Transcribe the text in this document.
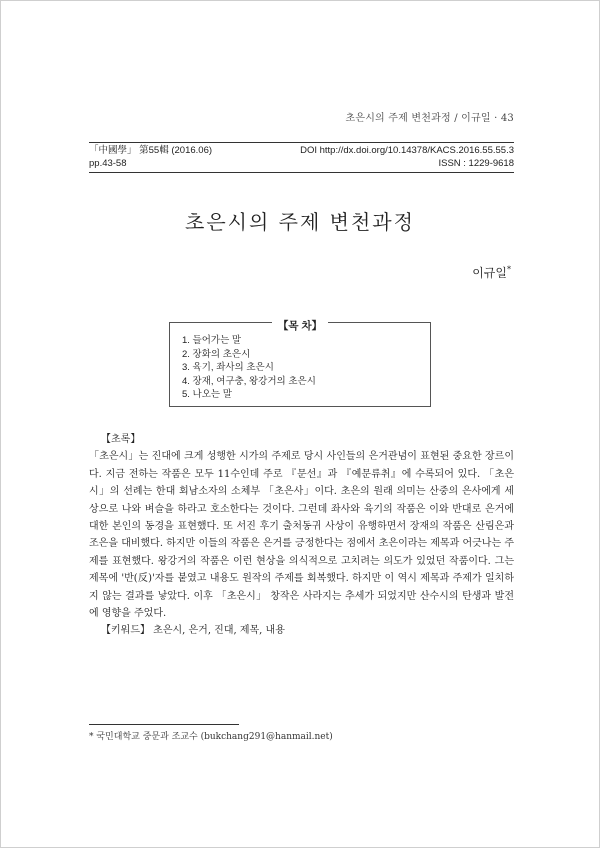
초은시의 주제 변천과정 / 이규일 · 43
「中國學」 第55輯 (2016.06)	DOI http://dx.doi.org/10.14378/KACS.2016.55.55.3
pp.43-58	ISSN : 1229-9618
초은시의 주제 변천과정
이규일*
【목 차】
1. 들어가는 말
2. 장화의 초은시
3. 육기, 좌사의 초은시
4. 장재, 여구충, 왕강거의 초은시
5. 나오는 말

【초록】

「초은시」는 진대에 크게 성행한 시가의 주제로 당시 사인들의 은거관념이 표현된 중요한 장르이다. 지금 전하는 작품은 모두 11수인데 주로 『문선』과 『예문류취』에 수록되어 있다. 「초은시」의 선례는 한대 회남소자의 소체부 「초은사」이다. 초은의 원래 의미는 산중의 은사에게 세상으로 나와 벼슬을 하라고 호소한다는 것이다. 그런데 좌사와 육기의 작품은 이와 반대로 은거에 대한 본인의 동경을 표현했다. 또 서진 후기 출처동귀 사상이 유행하면서 장재의 작품은 산림은과 조은을 대비했다. 하지만 이들의 작품은 은거를 긍정한다는 점에서 초은이라는 제목과 어긋나는 주제를 표현했다. 왕강거의 작품은 이런 현상을 의식적으로 고치려는 의도가 있었던 작품이다. 그는 제목에 '반(反)'자를 붙였고 내용도 원작의 주제를 회복했다. 하지만 이 역시 제목과 주제가 일치하지 않는 결과를 낳았다. 이후 「초은시」 창작은 사라지는 추세가 되었지만 산수시의 탄생과 발전에 영향을 주었다.

【키워드】 초은시, 은거, 진대, 제목, 내용

* 국민대학교 중문과 조교수 (bukchang291@hanmail.net)
